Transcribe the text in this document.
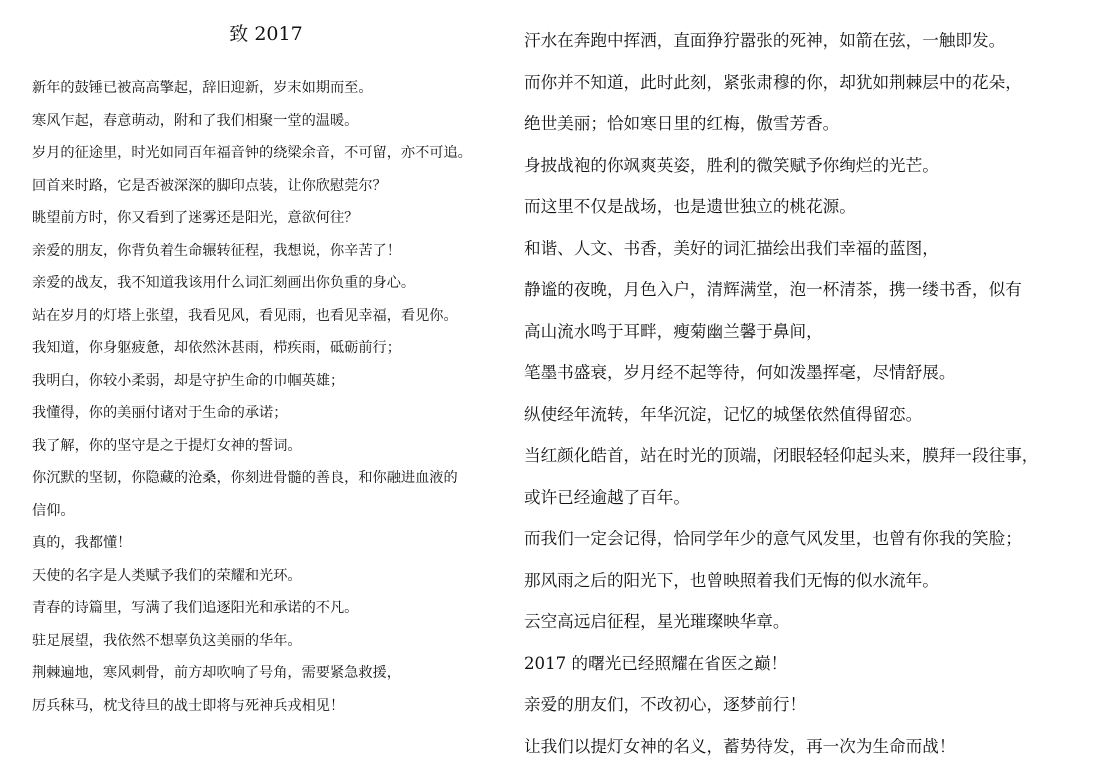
致 2017
新年的鼓锤已被高高擎起，辞旧迎新，岁末如期而至。
寒风乍起，春意萌动，附和了我们相聚一堂的温暖。
岁月的征途里，时光如同百年福音钟的绕梁余音，不可留，亦不可追。
回首来时路，它是否被深深的脚印点装，让你欣慰莞尔？
眺望前方时，你又看到了迷雾还是阳光，意欲何往？
亲爱的朋友，你背负着生命辗转征程，我想说，你辛苦了！
亲爱的战友，我不知道我该用什么词汇刻画出你负重的身心。
站在岁月的灯塔上张望，我看见风，看见雨，也看见幸福，看见你。
我知道，你身躯疲惫，却依然沐甚雨，栉疾雨，砥砺前行；
我明白，你较小柔弱，却是守护生命的巾帼英雄；
我懂得，你的美丽付诸对于生命的承诺；
我了解，你的坚守是之于提灯女神的誓词。
你沉默的坚韧，你隐藏的沧桑，你刻进骨髓的善良，和你融进血液的
信仰。
真的，我都懂！
天使的名字是人类赋予我们的荣耀和光环。
青春的诗篇里，写满了我们追逐阳光和承诺的不凡。
驻足展望，我依然不想辜负这美丽的华年。
荆棘遍地，寒风刺骨，前方却吹响了号角，需要紧急救援，
厉兵秣马，枕戈待旦的战士即将与死神兵戎相见！
汗水在奔跑中挥洒，直面狰狞嚣张的死神，如箭在弦，一触即发。
而你并不知道，此时此刻，紧张肃穆的你，却犹如荆棘层中的花朵，
绝世美丽；恰如寒日里的红梅，傲雪芳香。
身披战袍的你飒爽英姿，胜利的微笑赋予你绚烂的光芒。
而这里不仅是战场，也是遗世独立的桃花源。
和谐、人文、书香，美好的词汇描绘出我们幸福的蓝图，
静谧的夜晚，月色入户，清辉满堂，泡一杯清茶，携一缕书香，似有
高山流水鸣于耳畔，瘦菊幽兰馨于鼻间，
笔墨书盛衰，岁月经不起等待，何如泼墨挥毫，尽情舒展。
纵使经年流转，年华沉淀，记忆的城堡依然值得留恋。
当红颜化皓首，站在时光的顶端，闭眼轻轻仰起头来，膜拜一段往事，
或许已经逾越了百年。
而我们一定会记得，恰同学年少的意气风发里，也曾有你我的笑脸；
那风雨之后的阳光下，也曾映照着我们无悔的似水流年。
云空高远启征程，星光璀璨映华章。
2017 的曙光已经照耀在省医之巅！
亲爱的朋友们，不改初心，逐梦前行！
让我们以提灯女神的名义，蓄势待发，再一次为生命而战！
